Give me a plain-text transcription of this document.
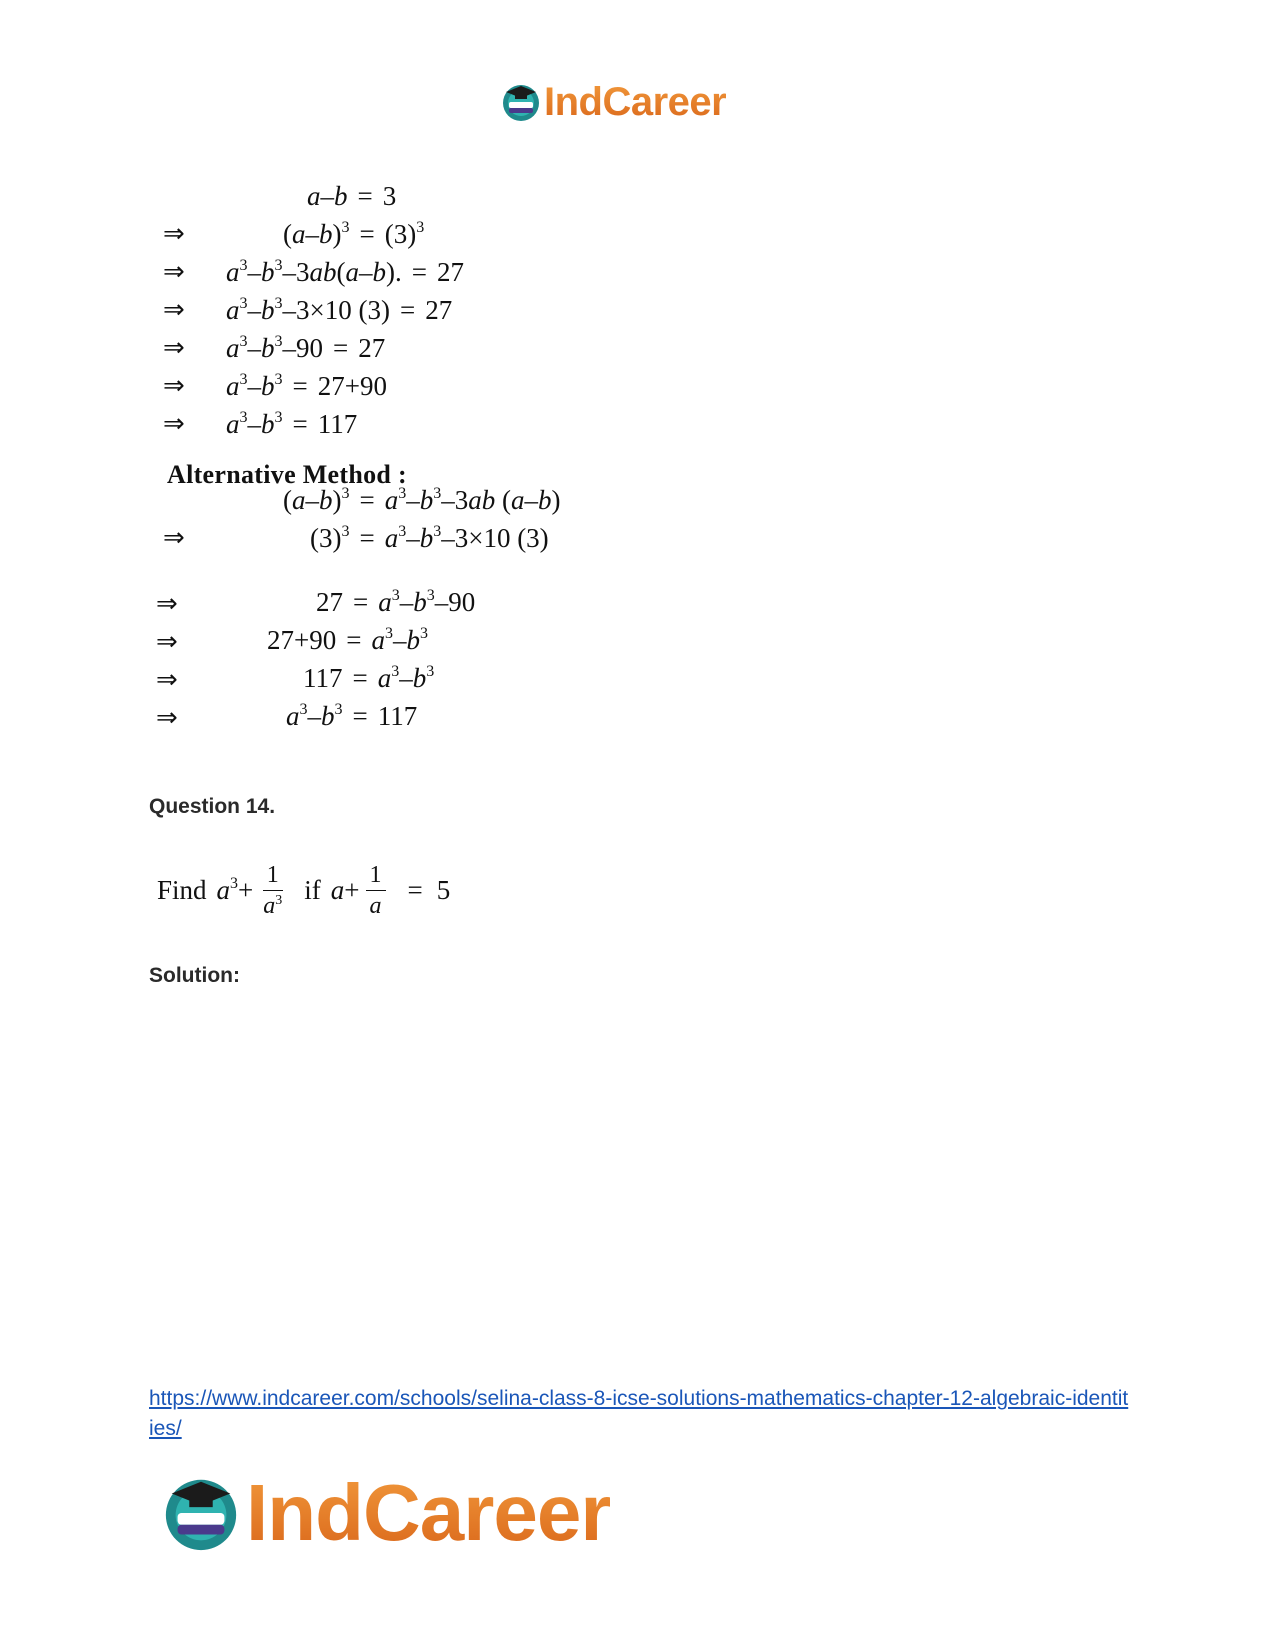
IndCareer
a–b = 3
⇒	$(a-b)^3 = (3)^3$
⇒ $a^3-b^3-3ab(a-b)$. = 27
⇒ $a^3-b^3-3\times 10$ (3) = 27
⇒ $a^3-b^3-90 = 27$
⇒ $a^3-b^3 = 27+90$
⇒ $a^3-b^3 = 117$
Alternative Method :
$(a-b)^3 = a^3-b^3-3ab$ (a–b)
⇒	$(3)^3 = a^3-b^3-3\times 10$ (3)
⇒	$27 = a^3-b^3-90$
⇒	$27+90 = a^3-b^3$
⇒	$117 = a^3-b^3$
⇒	$a^3-b^3 = 117$
Question 14.
Find $a^3+ \frac{1}{a^3}$ if $a+ \frac{1}{a} = 5$
Solution:
https://www.indcareer.com/schools/selina-class-8-icse-solutions-mathematics-chapter-12-algebraic-identities/
IndCareer
